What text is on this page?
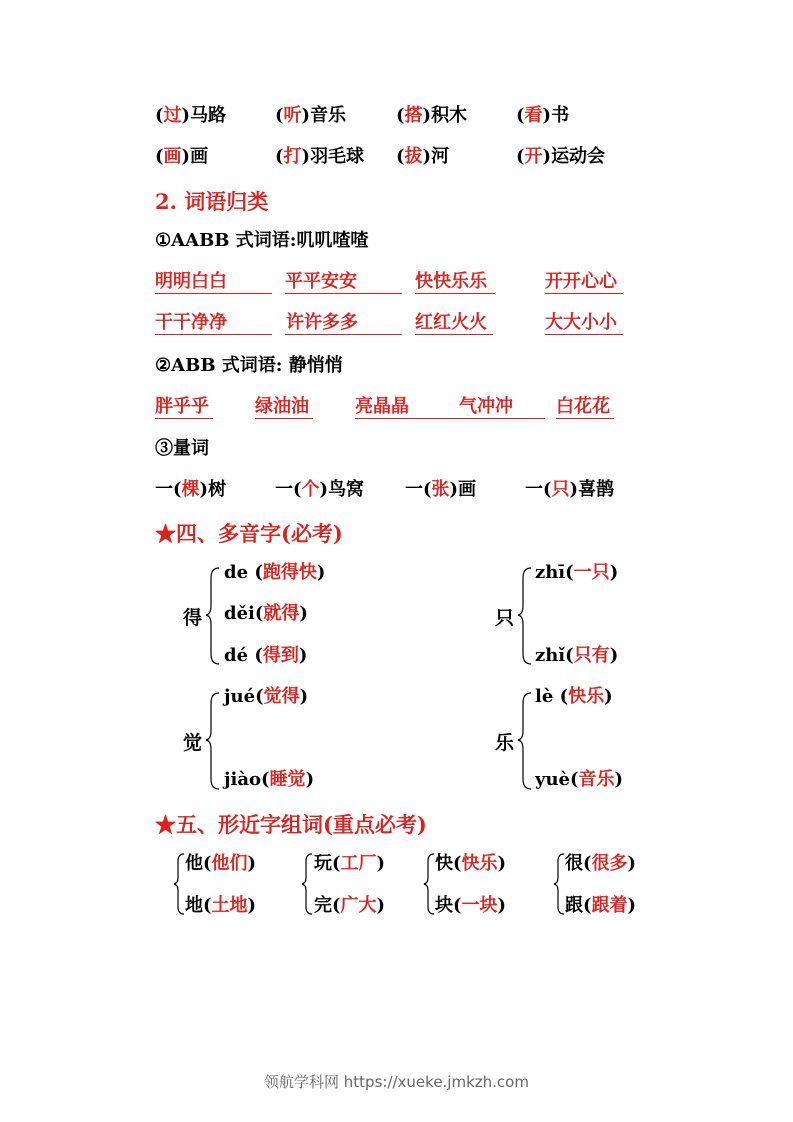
(过)马路	(听)音乐	(搭)积木	(看)书
(画)画	(打)羽毛球 (拔)河	(开)运动会
2. 词语归类
①AABB 式词语:叽叽喳喳
明明白白	平平安安	快快乐乐	开开心心
干干净净	许许多多	红红火火	大大小小
②ABB 式词语: 静悄悄
胖乎乎	绿油油	亮晶晶	气冲冲	白花花
③量词
一(棵)树	一(个)鸟窝 一(张)画	一(只)喜鹊
★四、多音字(必考)
得
de (跑得快)
děi(就得)
dé (得到)
只
zhī(一只)
zhǐ(只有)
觉
jué(觉得)
jiào(睡觉)
乐
lè (快乐)
yuè(音乐)
★五、形近字组词(重点必考)
他(他们)
地(土地)
玩(工厂)
完(广大)
快(快乐)
块(一块)
很(很多)
跟(跟着)
领航学科网 https://xueke.jmkzh.com
